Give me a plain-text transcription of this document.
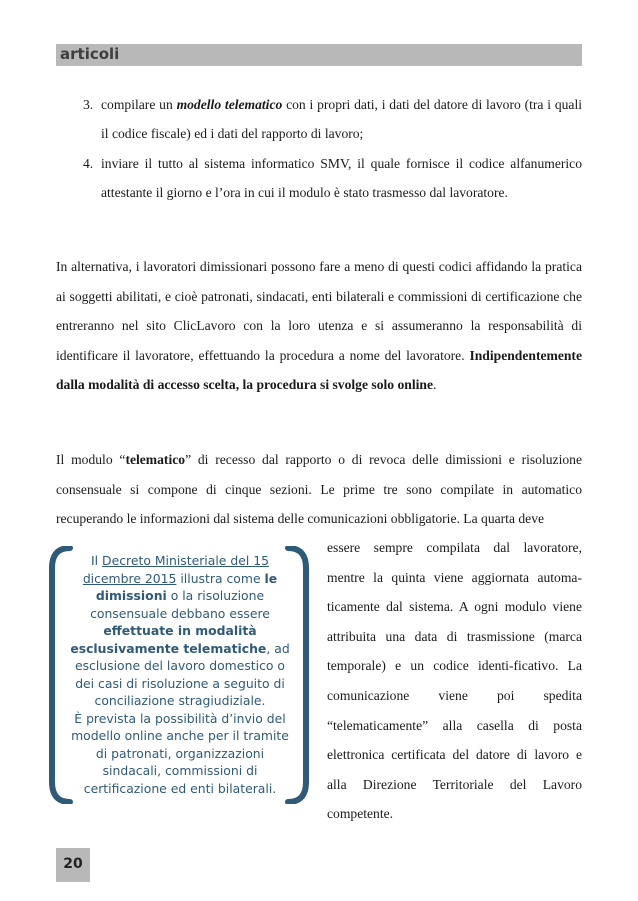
articoli
3. compilare un modello telematico con i propri dati, i dati del datore di lavoro (tra i quali il codice fiscale) ed i dati del rapporto di lavoro;
4. inviare il tutto al sistema informatico SMV, il quale fornisce il codice alfanumerico attestante il giorno e l’ora in cui il modulo è stato trasmesso dal lavoratore.
In alternativa, i lavoratori dimissionari possono fare a meno di questi codici affidando la pratica ai soggetti abilitati, e cioè patronati, sindacati, enti bilaterali e commissioni di certificazione che entreranno nel sito ClicLavoro con la loro utenza e si assumeranno la responsabilità di identificare il lavoratore, effettuando la procedura a nome del lavoratore. Indipendentemente dalla modalità di accesso scelta, la procedura si svolge solo online.
Il modulo “telematico” di recesso dal rapporto o di revoca delle dimissioni e risoluzione consensuale si compone di cinque sezioni. Le prime tre sono compilate in automatico recuperando le informazioni dal sistema delle comunicazioni obbligatorie. La quarta deve
essere sempre compilata dal lavoratore, mentre la quinta viene aggiornata automa-ticamente dal sistema. A ogni modulo viene attribuita una data di trasmissione (marca temporale) e un codice identi-ficativo. La comunicazione viene poi spedita “telematicamente” alla casella di posta elettronica certificata del datore di lavoro e alla Direzione Territoriale del Lavoro competente.
Il Decreto Ministeriale del 15 dicembre 2015 illustra come le dimissioni o la risoluzione consensuale debbano essere effettuate in modalità esclusivamente telematiche, ad esclusione del lavoro domestico o dei casi di risoluzione a seguito di conciliazione stragiudiziale.
È prevista la possibilità d’invio del modello online anche per il tramite di patronati, organizzazioni sindacali, commissioni di certificazione ed enti bilaterali.
20
